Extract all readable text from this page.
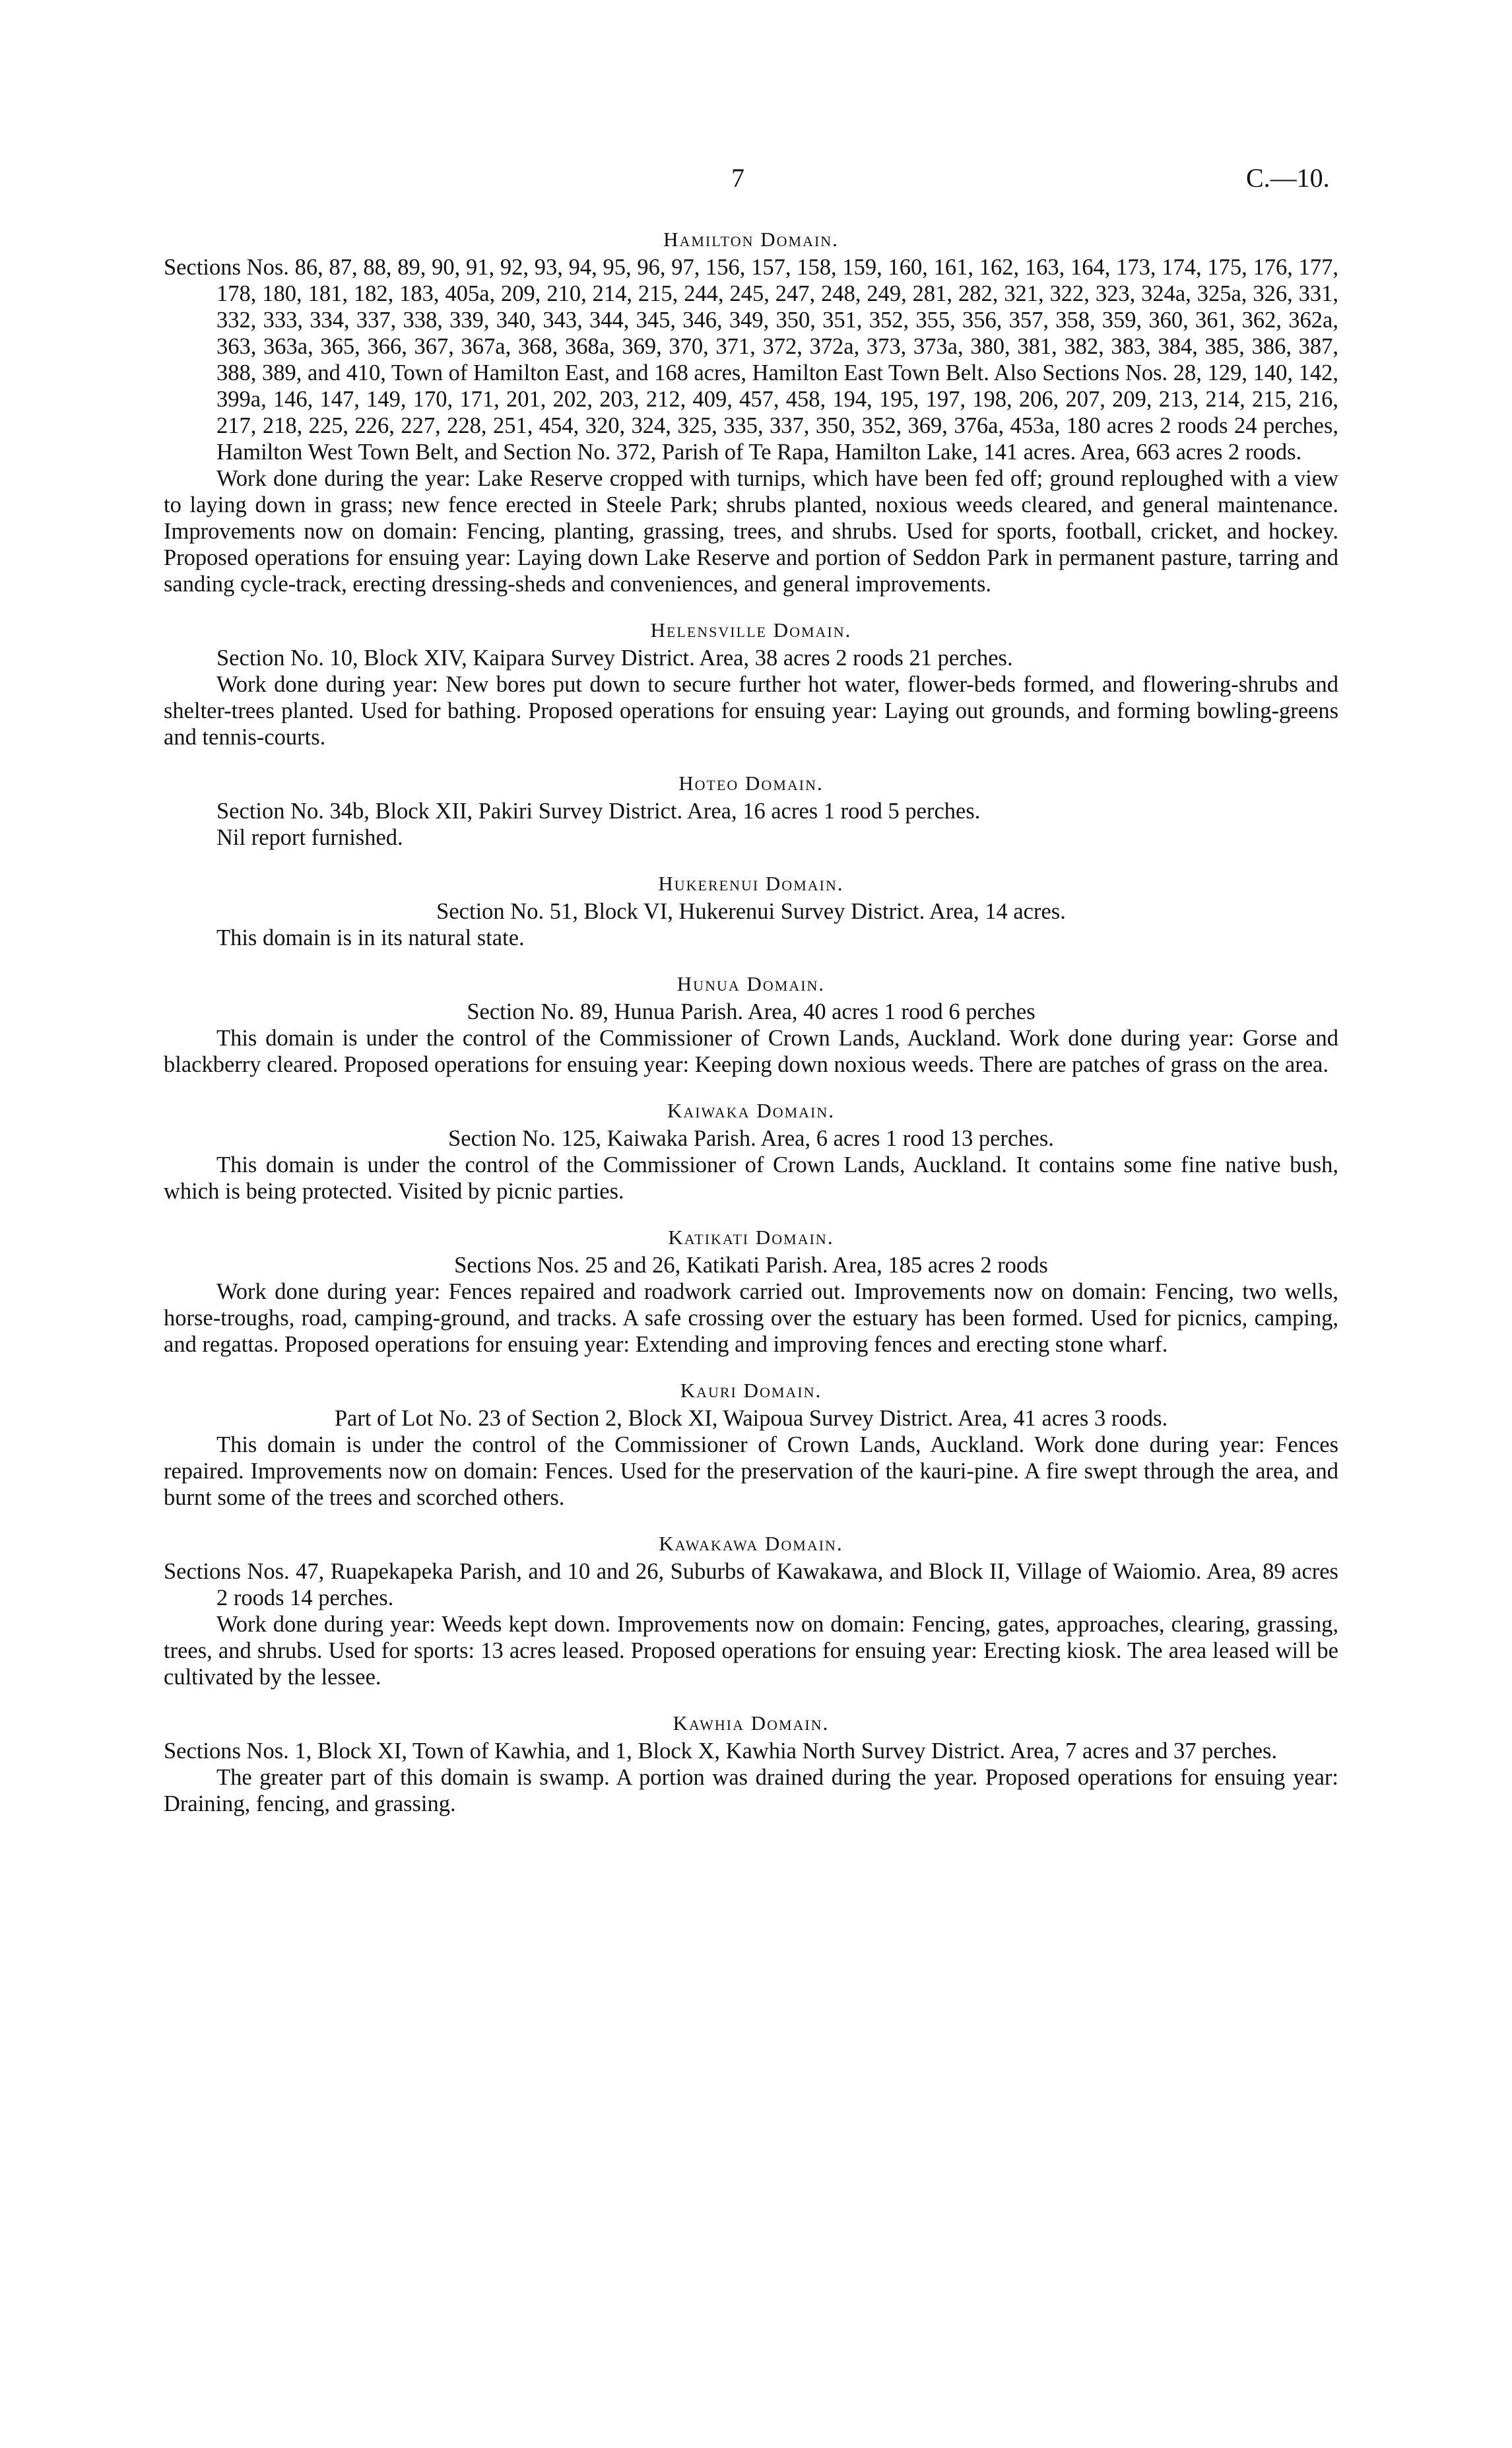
7	C.—10.
Hamilton Domain.

Sections Nos. 86, 87, 88, 89, 90, 91, 92, 93, 94, 95, 96, 97, 156, 157, 158, 159, 160, 161, 162, 163, 164, 173, 174, 175, 176, 177, 178, 180, 181, 182, 183, 405a, 209, 210, 214, 215, 244, 245, 247, 248, 249, 281, 282, 321, 322, 323, 324a, 325a, 326, 331, 332, 333, 334, 337, 338, 339, 340, 343, 344, 345, 346, 349, 350, 351, 352, 355, 356, 357, 358, 359, 360, 361, 362, 362a, 363, 363a, 365, 366, 367, 367a, 368, 368a, 369, 370, 371, 372, 372a, 373, 373a, 380, 381, 382, 383, 384, 385, 386, 387, 388, 389, and 410, Town of Hamilton East, and 168 acres, Hamilton East Town Belt. Also Sections Nos. 28, 129, 140, 142, 399a, 146, 147, 149, 170, 171, 201, 202, 203, 212, 409, 457, 458, 194, 195, 197, 198, 206, 207, 209, 213, 214, 215, 216, 217, 218, 225, 226, 227, 228, 251, 454, 320, 324, 325, 335, 337, 350, 352, 369, 376a, 453a, 180 acres 2 roods 24 perches, Hamilton West Town Belt, and Section No. 372, Parish of Te Rapa, Hamilton Lake, 141 acres. Area, 663 acres 2 roods.

Work done during the year: Lake Reserve cropped with turnips, which have been fed off; ground reploughed with a view to laying down in grass; new fence erected in Steele Park; shrubs planted, noxious weeds cleared, and general maintenance. Improvements now on domain: Fencing, planting, grassing, trees, and shrubs. Used for sports, football, cricket, and hockey. Proposed operations for ensuing year: Laying down Lake Reserve and portion of Seddon Park in permanent pasture, tarring and sanding cycle-track, erecting dressing-sheds and conveniences, and general improvements.

Helensville Domain.

Section No. 10, Block XIV, Kaipara Survey District. Area, 38 acres 2 roods 21 perches.

Work done during year: New bores put down to secure further hot water, flower-beds formed, and flowering-shrubs and shelter-trees planted. Used for bathing. Proposed operations for ensuing year: Laying out grounds, and forming bowling-greens and tennis-courts.

Hoteo Domain.

Section No. 34b, Block XII, Pakiri Survey District. Area, 16 acres 1 rood 5 perches.

Nil report furnished.

Hukerenui Domain.

Section No. 51, Block VI, Hukerenui Survey District. Area, 14 acres.

This domain is in its natural state.

Hunua Domain.

Section No. 89, Hunua Parish. Area, 40 acres 1 rood 6 perches

This domain is under the control of the Commissioner of Crown Lands, Auckland. Work done during year: Gorse and blackberry cleared. Proposed operations for ensuing year: Keeping down noxious weeds. There are patches of grass on the area.

Kaiwaka Domain.

Section No. 125, Kaiwaka Parish. Area, 6 acres 1 rood 13 perches.

This domain is under the control of the Commissioner of Crown Lands, Auckland. It contains some fine native bush, which is being protected. Visited by picnic parties.

Katikati Domain.

Sections Nos. 25 and 26, Katikati Parish. Area, 185 acres 2 roods

Work done during year: Fences repaired and roadwork carried out. Improvements now on domain: Fencing, two wells, horse-troughs, road, camping-ground, and tracks. A safe crossing over the estuary has been formed. Used for picnics, camping, and regattas. Proposed operations for ensuing year: Extending and improving fences and erecting stone wharf.

Kauri Domain.

Part of Lot No. 23 of Section 2, Block XI, Waipoua Survey District. Area, 41 acres 3 roods.

This domain is under the control of the Commissioner of Crown Lands, Auckland. Work done during year: Fences repaired. Improvements now on domain: Fences. Used for the preservation of the kauri-pine. A fire swept through the area, and burnt some of the trees and scorched others.

Kawakawa Domain.

Sections Nos. 47, Ruapekapeka Parish, and 10 and 26, Suburbs of Kawakawa, and Block II, Village of Waiomio. Area, 89 acres 2 roods 14 perches.

Work done during year: Weeds kept down. Improvements now on domain: Fencing, gates, approaches, clearing, grassing, trees, and shrubs. Used for sports: 13 acres leased. Proposed operations for ensuing year: Erecting kiosk. The area leased will be cultivated by the lessee.

Kawhia Domain.

Sections Nos. 1, Block XI, Town of Kawhia, and 1, Block X, Kawhia North Survey District. Area, 7 acres and 37 perches.

The greater part of this domain is swamp. A portion was drained during the year. Proposed operations for ensuing year: Draining, fencing, and grassing.
